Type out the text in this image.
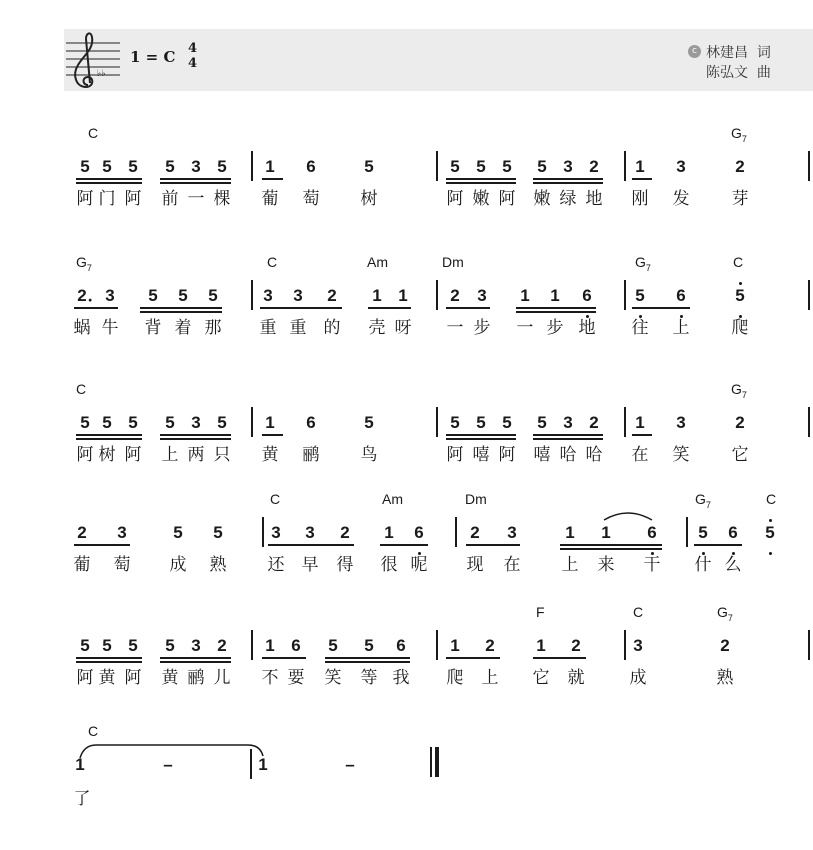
♭♭
1 = C 4
4
c 林建昌 词
陈弘文 曲
C	$G_7$
5 5 5	5 3 5	1	6	5	5 5 5	5 3 2	1	3	2
阿 门 阿 前 一 棵 葡 萄 树	阿 嫩 阿 嫩 绿 地 刚 发 芽
$G_7$	C	Am	Dm	$G_7$	C
2	3	5	5	5	3	3	2	1 1	2	3	1	1	6	5	6	5
．
蜗 牛 背 着 那 重 重 的 壳 呀 一 步 一 步 地 往 上 爬
C	$G_7$
5 5 5	5 3 5	1	6	5	5 5 5	5 3 2	1	3	2
阿 树 阿 上 两 只 黄 鹂 鸟	阿 嘻 阿 嘻 哈 哈 在 笑 它
C	Am	Dm	$G_7$	C
2	3	5	5	3	3	2	1	6	2	3	1	1	6	5	6	5
葡 萄 成 熟 还 早 得 很 呢 现 在 上 来 干 什 么
F	C	$G_7$
5 5 5	5 3 2	1 6	5	5	6	1	2	1	2	3	2
阿 黄 阿 黄 鹂 儿 不 要 笑 等 我 爬 上 它 就	成	熟
C
1	–	1	–
了
